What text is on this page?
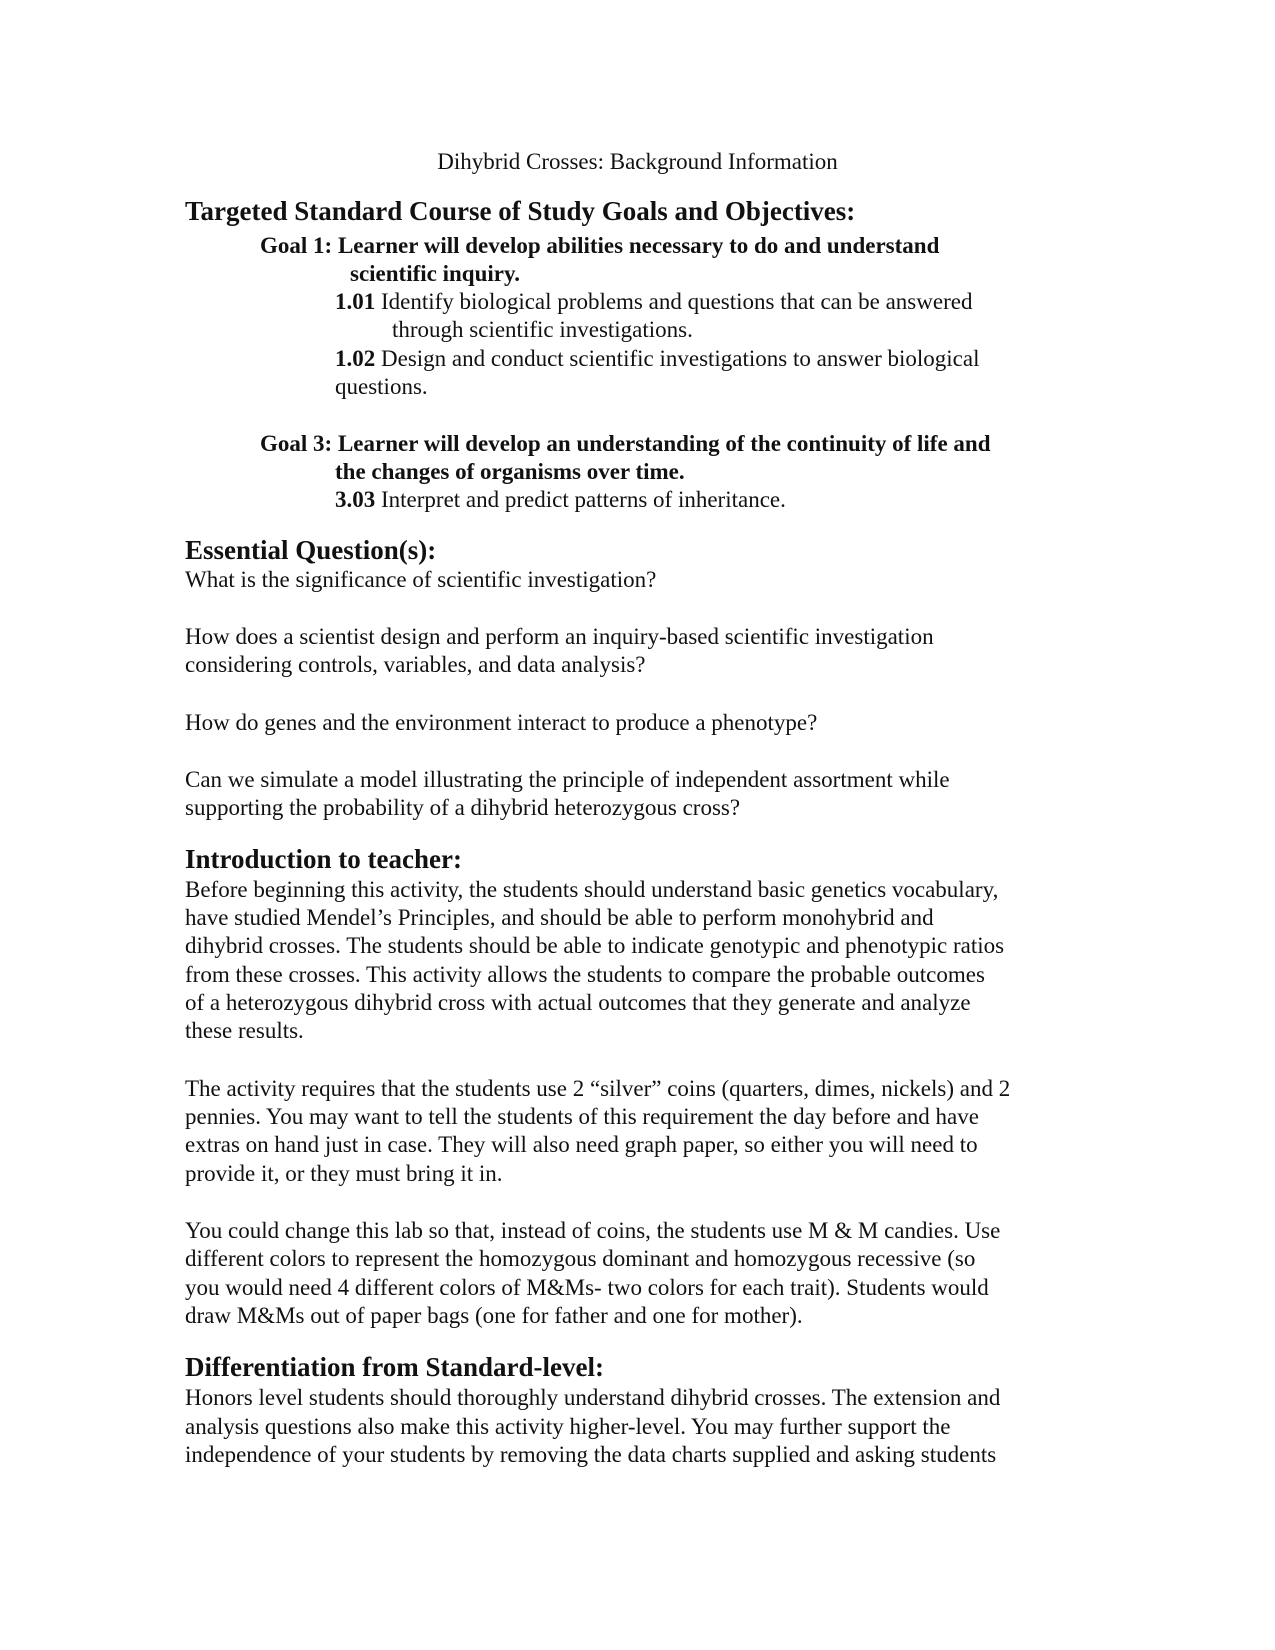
Dihybrid Crosses: Background Information
Targeted Standard Course of Study Goals and Objectives:
Goal 1: Learner will develop abilities necessary to do and understand
scientific inquiry.
1.01 Identify biological problems and questions that can be answered
through scientific investigations.
1.02 Design and conduct scientific investigations to answer biological
questions.
Goal 3: Learner will develop an understanding of the continuity of life and
the changes of organisms over time.
3.03 Interpret and predict patterns of inheritance.
Essential Question(s):
What is the significance of scientific investigation?
How does a scientist design and perform an inquiry-based scientific investigation
considering controls, variables, and data analysis?
How do genes and the environment interact to produce a phenotype?
Can we simulate a model illustrating the principle of independent assortment while
supporting the probability of a dihybrid heterozygous cross?
Introduction to teacher:
Before beginning this activity, the students should understand basic genetics vocabulary,
have studied Mendel’s Principles, and should be able to perform monohybrid and
dihybrid crosses. The students should be able to indicate genotypic and phenotypic ratios
from these crosses. This activity allows the students to compare the probable outcomes
of a heterozygous dihybrid cross with actual outcomes that they generate and analyze
these results.
The activity requires that the students use 2 “silver” coins (quarters, dimes, nickels) and 2
pennies. You may want to tell the students of this requirement the day before and have
extras on hand just in case. They will also need graph paper, so either you will need to
provide it, or they must bring it in.
You could change this lab so that, instead of coins, the students use M & M candies. Use
different colors to represent the homozygous dominant and homozygous recessive (so
you would need 4 different colors of M&Ms- two colors for each trait). Students would
draw M&Ms out of paper bags (one for father and one for mother).
Differentiation from Standard-level:
Honors level students should thoroughly understand dihybrid crosses. The extension and
analysis questions also make this activity higher-level. You may further support the
independence of your students by removing the data charts supplied and asking students
